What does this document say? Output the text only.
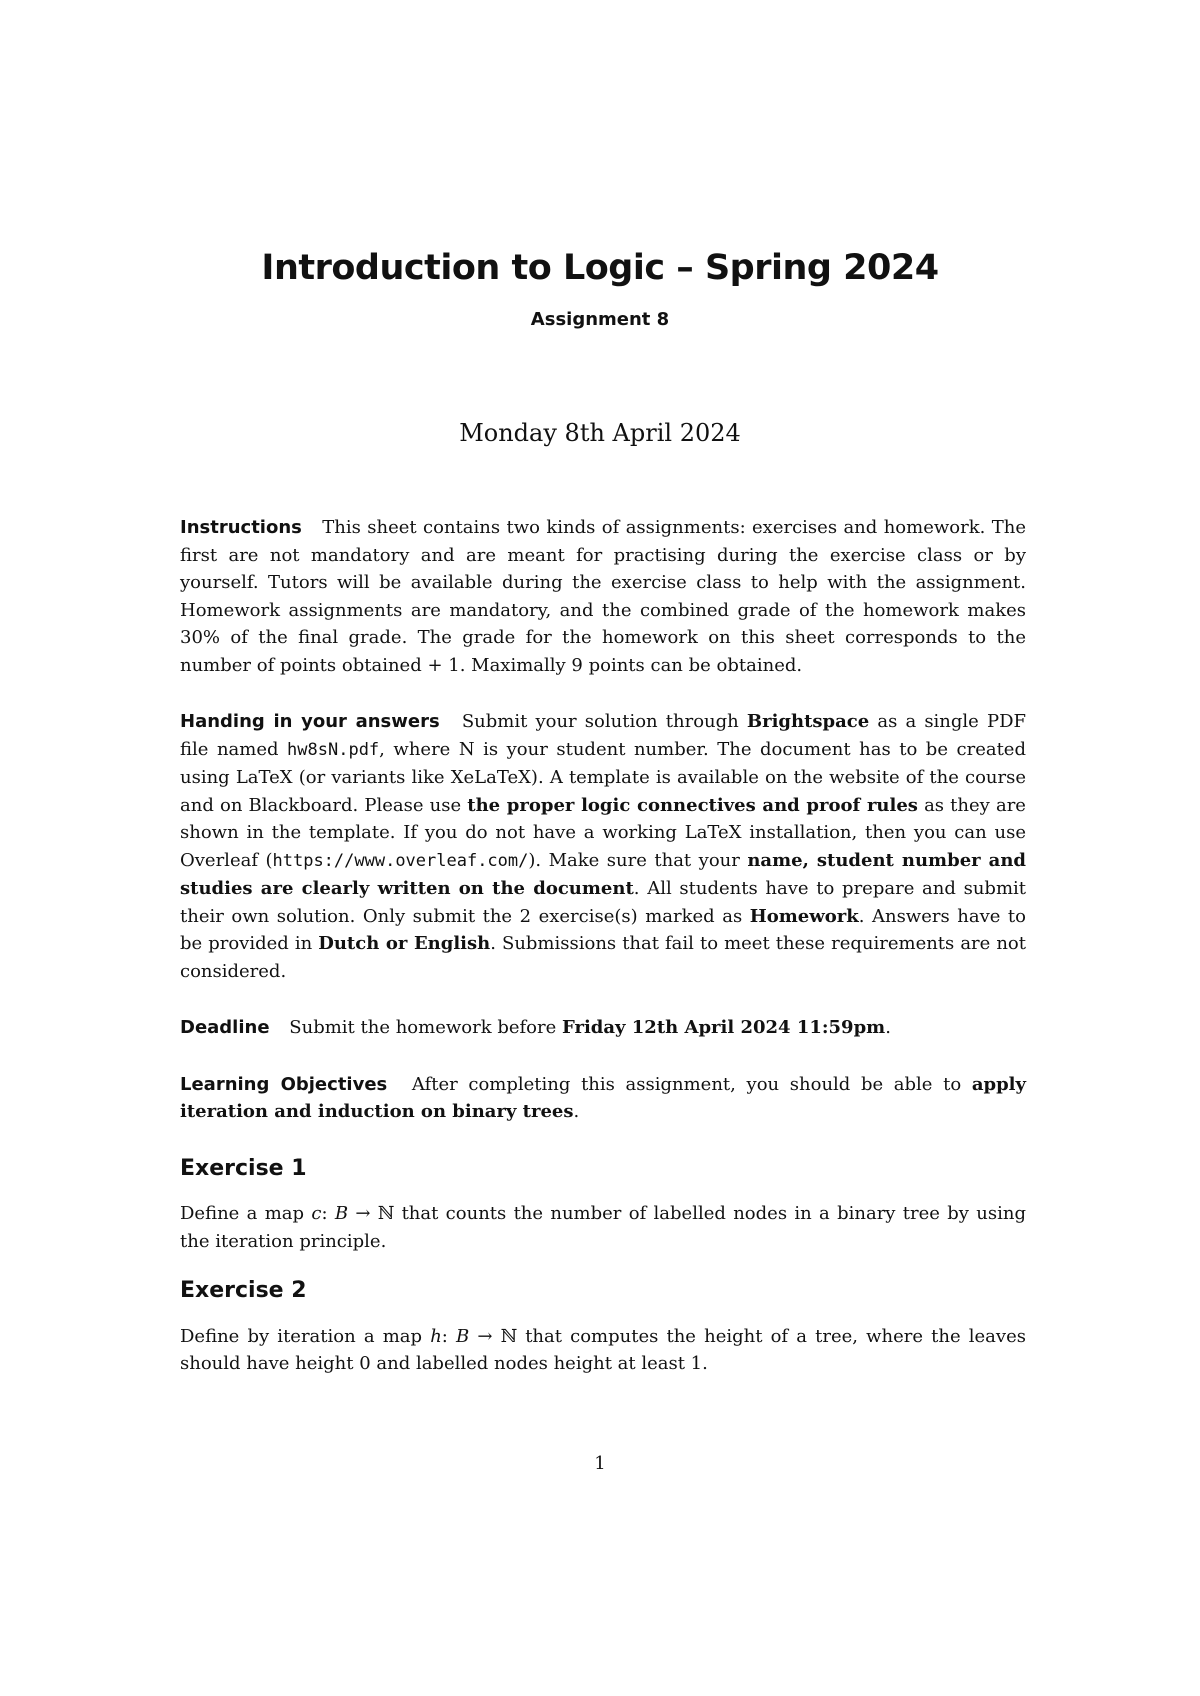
Introduction to Logic – Spring 2024
Assignment 8
Monday 8th April 2024

Instructions This sheet contains two kinds of assignments: exercises and homework. The first are not mandatory and are meant for practising during the exercise class or by yourself. Tutors will be available during the exercise class to help with the assignment. Homework assignments are mandatory, and the combined grade of the homework makes 30% of the final grade. The grade for the homework on this sheet corresponds to the number of points obtained + 1. Maximally 9 points can be obtained.

Handing in your answers Submit your solution through Brightspace as a single PDF file named hw8sN.pdf, where N is your student number. The document has to be created using LaTeX (or variants like XeLaTeX). A template is available on the website of the course and on Blackboard. Please use the proper logic connectives and proof rules as they are shown in the template. If you do not have a working LaTeX installation, then you can use Overleaf (https://www.overleaf.com/). Make sure that your name, student number and studies are clearly written on the document. All students have to prepare and submit their own solution. Only submit the 2 exercise(s) marked as Homework. Answers have to be provided in Dutch or English. Submissions that fail to meet these requirements are not considered.

Deadline Submit the homework before Friday 12th April 2024 11:59pm.

Learning Objectives After completing this assignment, you should be able to apply iteration and induction on binary trees.

Exercise 1

Define a map c: B → ℕ that counts the number of labelled nodes in a binary tree by using the iteration principle.

Exercise 2

Define by iteration a map h: B → ℕ that computes the height of a tree, where the leaves should have height 0 and labelled nodes height at least 1.

1
